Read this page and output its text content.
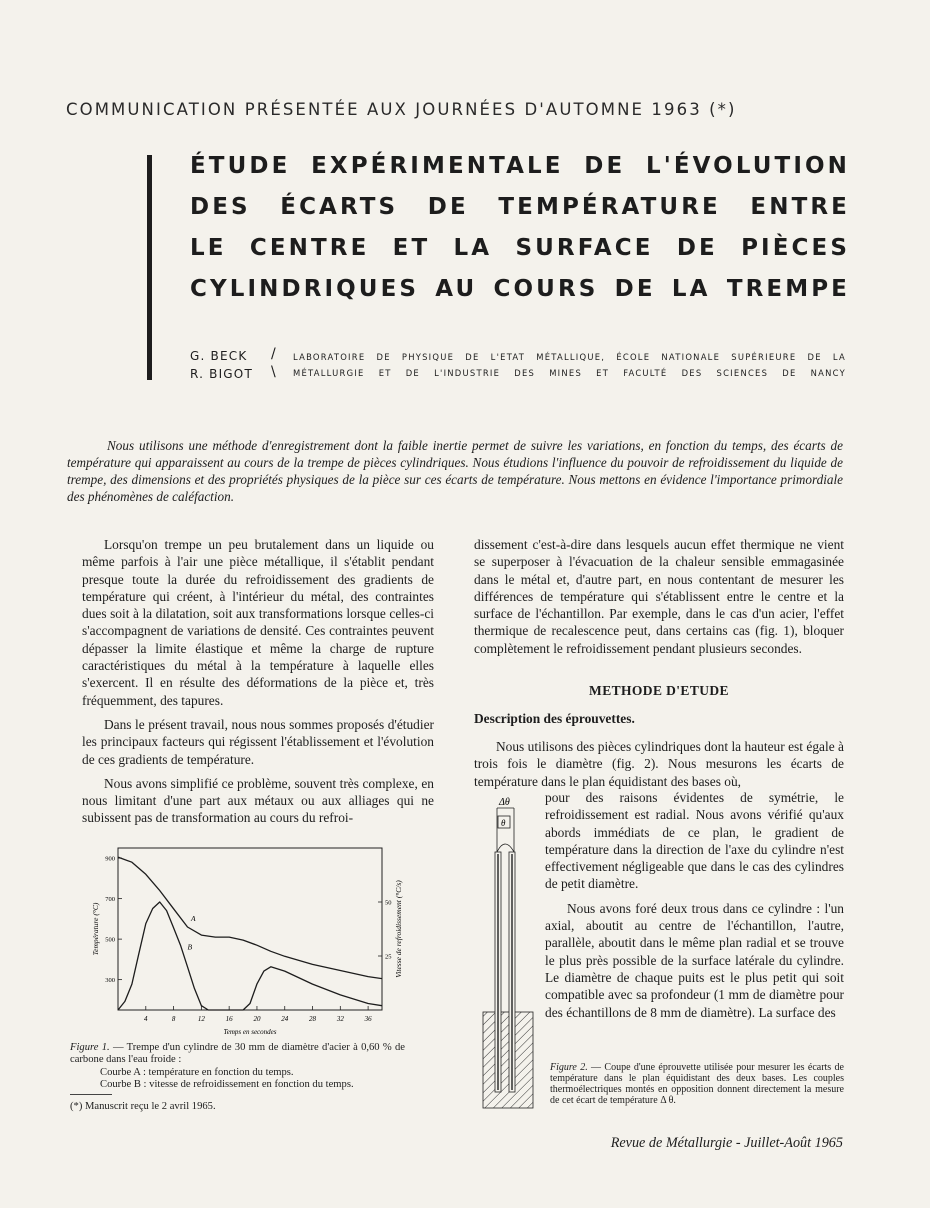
COMMUNICATION PRÉSENTÉE AUX JOURNÉES D'AUTOMNE 1963 (*)
ÉTUDE EXPÉRIMENTALE DE L'ÉVOLUTION
DES ÉCARTS DE TEMPÉRATURE ENTRE
LE CENTRE ET LA SURFACE DE PIÈCES
CYLINDRIQUES AU COURS DE LA TREMPE
G. BECK
R. BIGOT
/
\
LABORATOIRE DE PHYSIQUE DE L'ETAT MÉTALLIQUE, ÉCOLE NATIONALE SUPÉRIEURE DE LA
MÉTALLURGIE ET DE L'INDUSTRIE DES MINES ET FACULTÉ DES SCIENCES DE NANCY
Nous utilisons une méthode d'enregistrement dont la faible inertie permet de suivre les variations, en fonction du temps, des écarts de température qui apparaissent au cours de la trempe de pièces cylindriques. Nous étudions l'influence du pouvoir de refroidissement du liquide de trempe, des dimensions et des propriétés physiques de la pièce sur ces écarts de température. Nous mettons en évidence l'importance primordiale des phénomènes de caléfaction.

Lorsqu'on trempe un peu brutalement dans un liquide ou même parfois à l'air une pièce métallique, il s'établit pendant presque toute la durée du refroidissement des gradients de température qui créent, à l'intérieur du métal, des contraintes dues soit à la dilatation, soit aux transformations lorsque celles-ci s'accompagnent de variations de densité. Ces contraintes peuvent dépasser la limite élastique et même la charge de rupture caractéristiques du métal à la température à laquelle elles s'exercent. Il en résulte des déformations de la pièce et, très fréquemment, des tapures.

Dans le présent travail, nous nous sommes proposés d'étudier les principaux facteurs qui régissent l'établissement et l'évolution de ces gradients de température.

Nous avons simplifié ce problème, souvent très complexe, en nous limitant d'une part aux métaux ou aux alliages qui ne subissent pas de transformation au cours du refroi-

4	8	12	16	20	24	28	32	36
300
500
700
900
25
50
A
B
Temps en secondes
Température (°C)	Vitesse de refroidissement (°C/s)
Figure 1. — Trempe d'un cylindre de 30 mm de diamètre d'acier à 0,60 % de carbone dans l'eau froide :
Courbe A : température en fonction du temps.
Courbe B : vitesse de refroidissement en fonction du temps.
(*) Manuscrit reçu le 2 avril 1965.

dissement c'est-à-dire dans lesquels aucun effet thermique ne vient se superposer à l'évacuation de la chaleur sensible emmagasinée dans le métal et, d'autre part, en nous contentant de mesurer les différences de température qui s'établissent entre le centre et la surface de l'échantillon. Par exemple, dans le cas d'un acier, l'effet thermique de recalescence peut, dans certains cas (fig. 1), bloquer complètement le refroidissement pendant plusieurs secondes.

METHODE D'ETUDE
Description des éprouvettes.

Nous utilisons des pièces cylindriques dont la hauteur est égale à trois fois le diamètre (fig. 2). Nous mesurons les écarts de température dans le plan équidistant des bases où,

pour des raisons évidentes de symétrie, le refroidissement est radial. Nous avons vérifié qu'aux abords immédiats de ce plan, le gradient de température dans la direction de l'axe du cylindre n'est effectivement négligeable que dans le cas des cylindres de petit diamètre.

Nous avons foré deux trous dans ce cylindre : l'un axial, aboutit au centre de l'échantillon, l'autre, parallèle, aboutit dans le même plan radial et se trouve le plus près possible de la surface latérale du cylindre. Le diamètre de chaque puits est le plus petit qui soit compatible avec sa profondeur (1 mm de diamètre pour des échantillons de 8 mm de diamètre). La surface des

Δθ
θ
Figure 2. — Coupe d'une éprouvette utilisée pour mesurer les écarts de température dans le plan équidistant des deux bases. Les couples thermoélectriques montés en opposition donnent directement la mesure de cet écart de température Δ θ.
Revue de Métallurgie - Juillet-Août 1965
